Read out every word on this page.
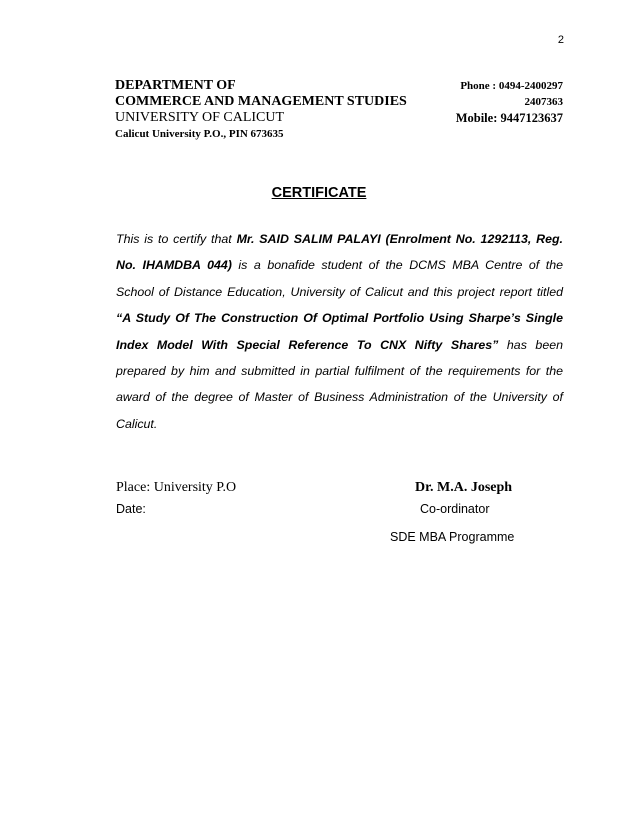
2
DEPARTMENT OF
COMMERCE AND MANAGEMENT STUDIES
UNIVERSITY OF CALICUT
Calicut University P.O., PIN 673635
Phone : 0494-2400297
2407363
Mobile: 9447123637
CERTIFICATE
This is to certify that Mr. SAID SALIM PALAYI (Enrolment No. 1292113, Reg. No. IHAMDBA 044) is a bonafide student of the DCMS MBA Centre of the School of Distance Education, University of Calicut and this project report titled “A Study Of The Construction Of Optimal Portfolio Using Sharpe’s Single Index Model With Special Reference To CNX Nifty Shares” has been prepared by him and submitted in partial fulfilment of the requirements for the award of the degree of Master of Business Administration of the University of Calicut.
Place: University P.O
Date:
Dr. M.A. Joseph
Co-ordinator
SDE MBA Programme
